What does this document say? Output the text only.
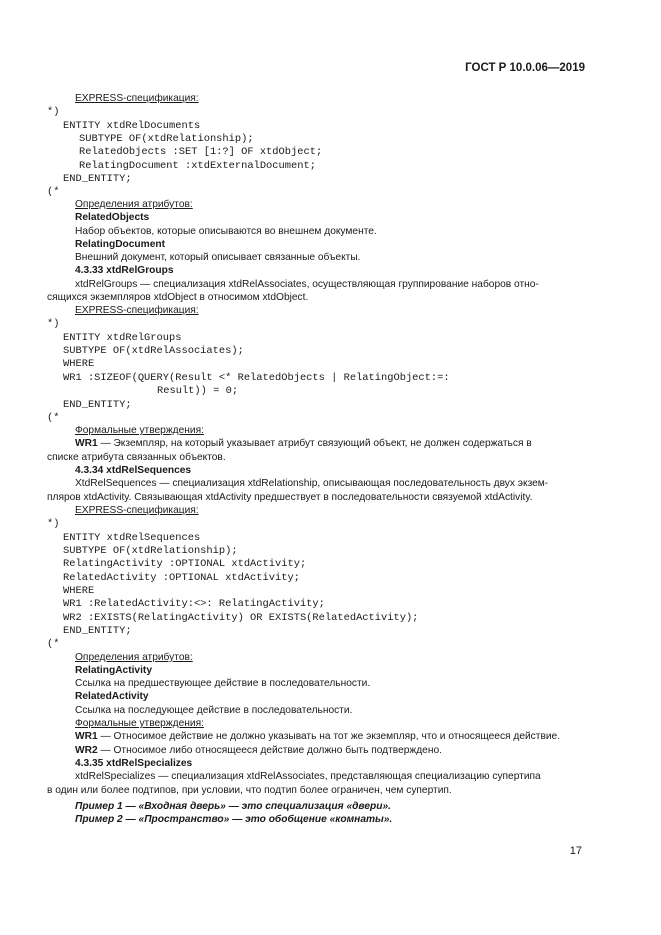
ГОСТ Р 10.0.06—2019
EXPRESS-спецификация:
*)
ENTITY xtdRelDocuments
SUBTYPE OF(xtdRelationship);
RelatedObjects :SET [1:?] OF xtdObject;
RelatingDocument :xtdExternalDocument;
END_ENTITY;
(*
Определения атрибутов:
RelatedObjects
Набор объектов, которые описываются во внешнем документе.
RelatingDocument
Внешний документ, который описывает связанные объекты.
4.3.33 xtdRelGroups
xtdRelGroups — специализация xtdRelAssociates, осуществляющая группирование наборов отно-
сящихся экземпляров xtdObject в относимом xtdObject.
EXPRESS-спецификация:
*)
ENTITY xtdRelGroups
SUBTYPE OF(xtdRelAssociates);
WHERE
WR1 :SIZEOF(QUERY(Result <* RelatedObjects | RelatingObject:=:
Result)) = 0;
END_ENTITY;
(*
Формальные утверждения:
WR1 — Экземпляр, на который указывает атрибут связующий объект, не должен содержаться в
списке атрибута связанных объектов.
4.3.34 xtdRelSequences
XtdRelSequences — специализация xtdRelationship, описывающая последовательность двух экзем-
пляров xtdActivity. Связывающая xtdActivity предшествует в последовательности связуемой xtdActivity.
EXPRESS-спецификация:
*)
ENTITY xtdRelSequences
SUBTYPE OF(xtdRelationship);
RelatingActivity :OPTIONAL xtdActivity;
RelatedActivity :OPTIONAL xtdActivity;
WHERE
WR1 :RelatedActivity:<>: RelatingActivity;
WR2 :EXISTS(RelatingActivity) OR EXISTS(RelatedActivity);
END_ENTITY;
(*
Определения атрибутов:
RelatingActivity
Ссылка на предшествующее действие в последовательности.
RelatedActivity
Ссылка на последующее действие в последовательности.
Формальные утверждения:
WR1 — Относимое действие не должно указывать на тот же экземпляр, что и относящееся действие.
WR2 — Относимое либо относящееся действие должно быть подтверждено.
4.3.35 xtdRelSpecializes
xtdRelSpecializes — специализация xtdRelAssociates, представляющая специализацию супертипа
в один или более подтипов, при условии, что подтип более ограничен, чем супертип.
Пример 1 — «Входная дверь» — это специализация «двери».
Пример 2 — «Пространство» — это обобщение «комнаты».
17
